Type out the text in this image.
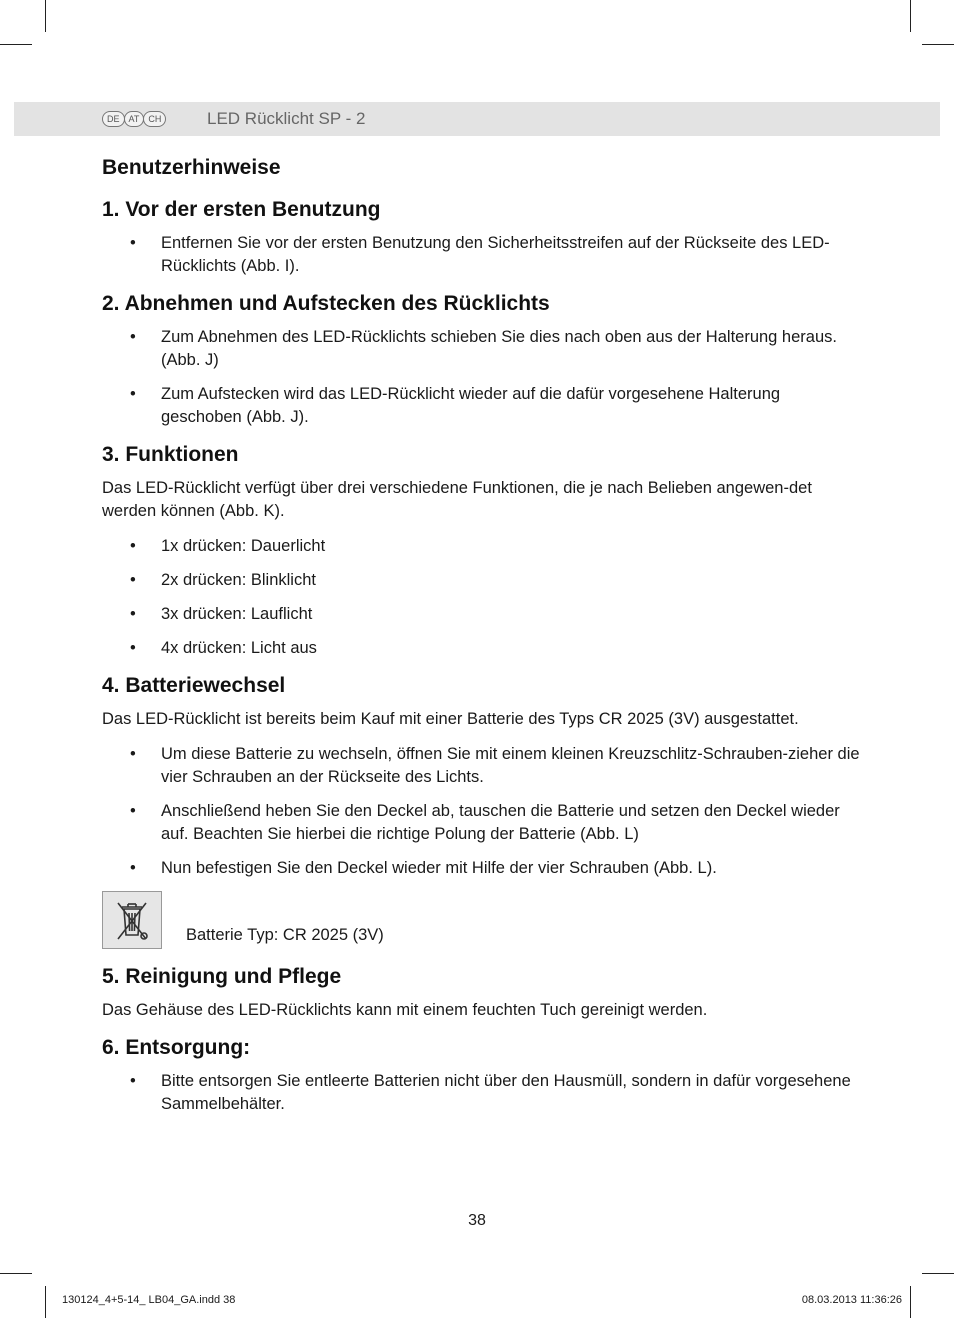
DE	AT	CH	LED Rücklicht SP - 2
Benutzerhinweise
1. Vor der ersten Benutzung
• Entfernen Sie vor der ersten Benutzung den Sicherheitsstreifen auf der Rückseite des LED-Rücklichts (Abb. I).
2. Abnehmen und Aufstecken des Rücklichts
• Zum Abnehmen des LED-Rücklichts schieben Sie dies nach oben aus der Halterung heraus. (Abb. J)
• Zum Aufstecken wird das LED-Rücklicht wieder auf die dafür vorgesehene Halterung geschoben (Abb. J).
3. Funktionen

Das LED-Rücklicht verfügt über drei verschiedene Funktionen, die je nach Belieben angewen-det werden können (Abb. K).

• 1x drücken: Dauerlicht
• 2x drücken: Blinklicht
• 3x drücken: Lauflicht
• 4x drücken: Licht aus
4. Batteriewechsel

Das LED-Rücklicht ist bereits beim Kauf mit einer Batterie des Typs CR 2025 (3V) ausgestattet.

• Um diese Batterie zu wechseln, öffnen Sie mit einem kleinen Kreuzschlitz-Schrauben-zieher die vier Schrauben an der Rückseite des Lichts.
• Anschließend heben Sie den Deckel ab, tauschen die Batterie und setzen den Deckel wieder auf. Beachten Sie hierbei die richtige Polung der Batterie (Abb. L)
• Nun befestigen Sie den Deckel wieder mit Hilfe der vier Schrauben (Abb. L).
Batterie Typ: CR 2025 (3V)
5. Reinigung und Pflege

Das Gehäuse des LED-Rücklichts kann mit einem feuchten Tuch gereinigt werden.

6. Entsorgung:
• Bitte entsorgen Sie entleerte Batterien nicht über den Hausmüll, sondern in dafür vorgesehene Sammelbehälter.
38
130124_4+5-14_ LB04_GA.indd 38	08.03.2013 11:36:26
